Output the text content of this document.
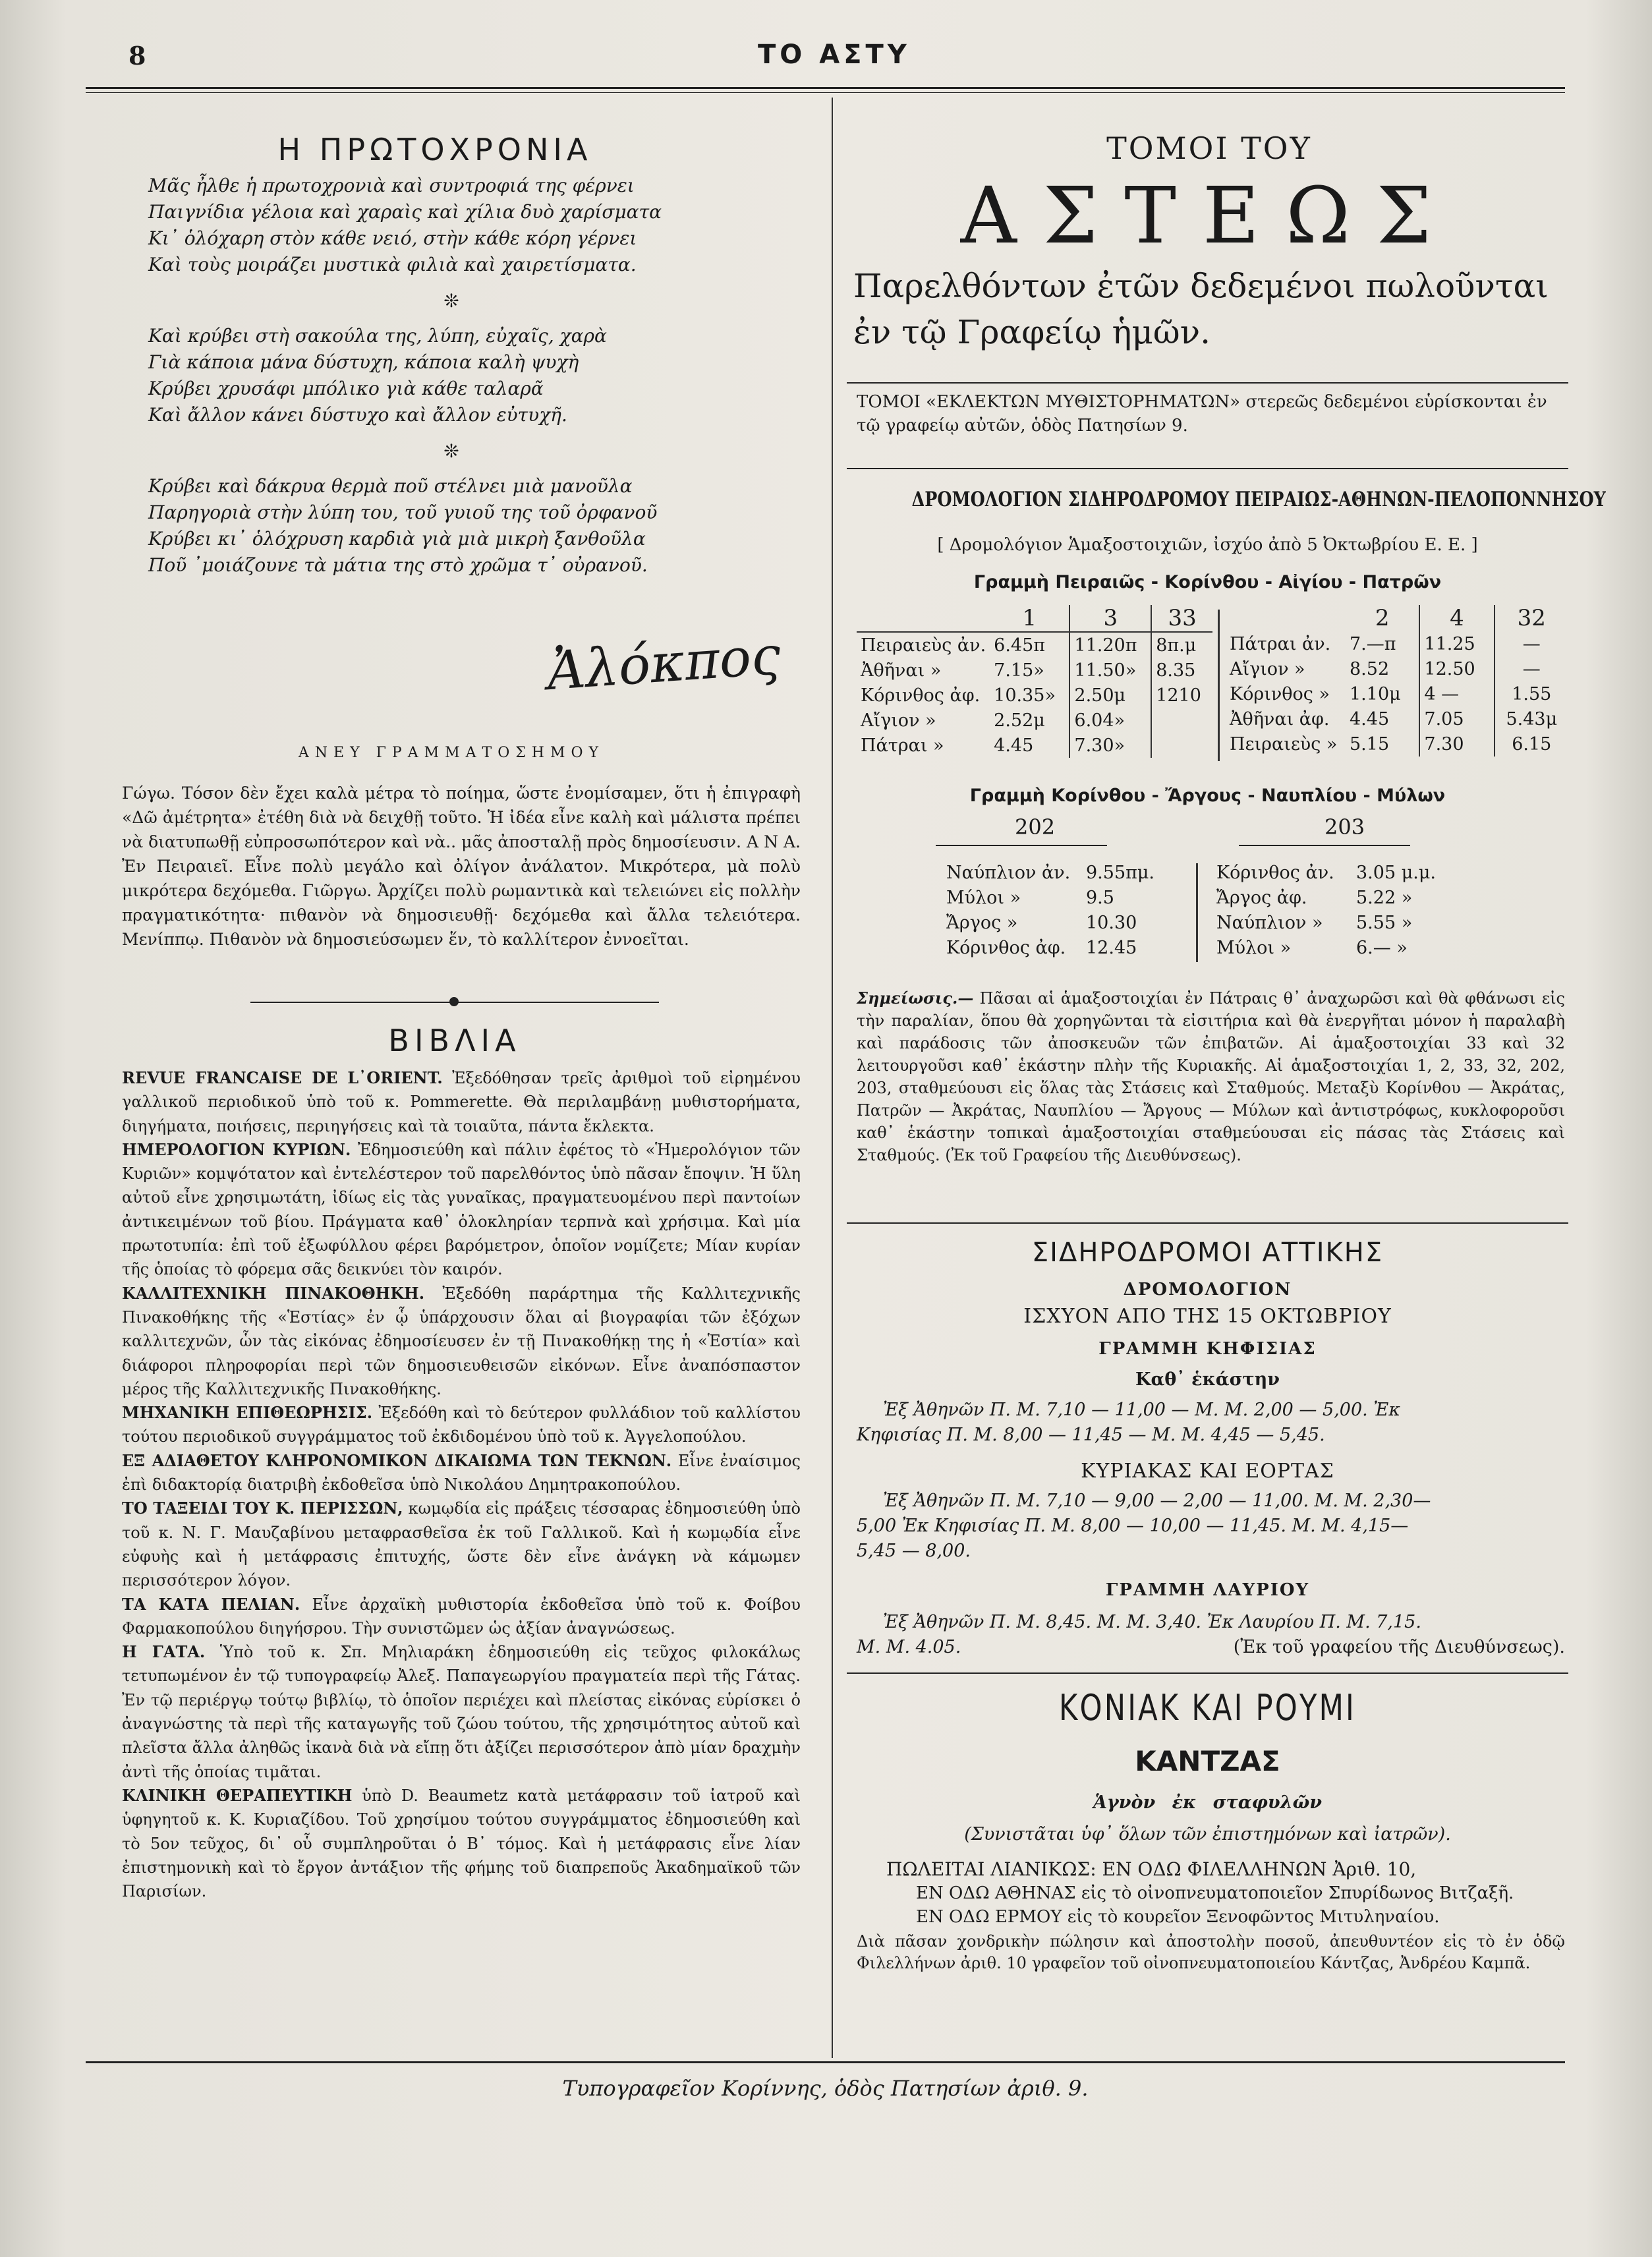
8	ΤΟ ΑΣΤΥ
Η ΠΡΩΤΟΧΡΟΝΙΑ
Μᾶς ἦλθε ἡ πρωτοχρονιὰ καὶ συντροφιά της φέρνει
Παιγνίδια γέλοια καὶ χαραὶς καὶ χίλια δυὸ χαρίσματα
Κι᾽ ὁλόχαρη στὸν κάθε νειό, στὴν κάθε κόρη γέρνει
Καὶ τοὺς μοιράζει μυστικὰ φιλιὰ καὶ χαιρετίσματα.
❊
Καὶ κρύβει στὴ σακούλα της, λύπη, εὐχαῖς, χαρὰ
Γιὰ κάποια μάνα δύστυχη, κάποια καλὴ ψυχὴ
Κρύβει χρυσάφι μπόλικο γιὰ κάθε ταλαρᾶ
Καὶ ἄλλον κάνει δύστυχο καὶ ἄλλον εὐτυχῆ.
❊
Κρύβει καὶ δάκρυα θερμὰ ποῦ στέλνει μιὰ μανοῦλα
Παρηγοριὰ στὴν λύπη του, τοῦ γυιοῦ της τοῦ ὀρφανοῦ
Κρύβει κι᾽ ὁλόχρυση καρδιὰ γιὰ μιὰ μικρὴ ξανθοῦλα
Ποῦ ᾽μοιάζουνε τὰ μάτια της στὸ χρῶμα τ᾽ οὐρανοῦ.
Ἀλόκπος
ΑΝΕΥ ΓΡΑΜΜΑΤΟΣΗΜΟΥ
Γώγω. Τόσον δὲν ἔχει καλὰ μέτρα τὸ ποίημα, ὥστε ἐνομίσαμεν, ὅτι ἡ ἐπιγραφὴ «Δῶ ἀμέτρητα» ἐτέθη διὰ νὰ δειχθῇ τοῦτο. Ἡ ἰδέα εἶνε καλὴ καὶ μάλιστα πρέπει νὰ διατυπωθῇ εὐπροσωπότερον καὶ νὰ.. μᾶς ἀποσταλῇ πρὸς δημοσίευσιν. Α Ν Α. Ἐν Πειραιεῖ. Εἶνε πολὺ μεγάλο καὶ ὀλίγον ἀνάλατον. Μικρότερα, μὰ πολὺ μικρότερα δεχόμεθα. Γιῶργω. Ἀρχίζει πολὺ ρωμαντικὰ καὶ τελειώνει εἰς πολλὴν πραγματικότητα· πιθανὸν νὰ δημοσιευθῇ· δεχόμεθα καὶ ἄλλα τελειότερα. Μενίππῳ. Πιθανὸν νὰ δημοσιεύσωμεν ἕν, τὸ καλλίτερον ἐννοεῖται.
ΒΙΒΛΙΑ

REVUE FRANCAISE DE L᾽ORIENT. Ἐξεδόθησαν τρεῖς ἀριθμοὶ τοῦ εἰρημένου γαλλικοῦ περιοδικοῦ ὑπὸ τοῦ κ. Pommerette. Θὰ περιλαμβάνῃ μυθιστορήματα, διηγήματα, ποιήσεις, περιηγήσεις καὶ τὰ τοιαῦτα, πάντα ἔκλεκτα.

ΗΜΕΡΟΛΟΓΙΟΝ ΚΥΡΙΩΝ. Ἐδημοσιεύθη καὶ πάλιν ἐφέτος τὸ «Ἡμερολόγιον τῶν Κυριῶν» κομψότατον καὶ ἐντελέστερον τοῦ παρελθόντος ὑπὸ πᾶσαν ἔποψιν. Ἡ ὕλη αὐτοῦ εἶνε χρησιμωτάτη, ἰδίως εἰς τὰς γυναῖκας, πραγματευομένου περὶ παντοίων ἀντικειμένων τοῦ βίου. Πράγματα καθ᾽ ὁλοκληρίαν τερπνὰ καὶ χρήσιμα. Καὶ μία πρωτοτυπία: ἐπὶ τοῦ ἐξωφύλλου φέρει βαρόμετρον, ὁποῖον νομίζετε; Μίαν κυρίαν τῆς ὁποίας τὸ φόρεμα σᾶς δεικνύει τὸν καιρόν.

ΚΑΛΛΙΤΕΧΝΙΚΗ ΠΙΝΑΚΟΘΗΚΗ. Ἐξεδόθη παράρτημα τῆς Καλλιτεχνικῆς Πινακοθήκης τῆς «Ἑστίας» ἐν ᾧ ὑπάρχουσιν ὅλαι αἱ βιογραφίαι τῶν ἐξόχων καλλιτεχνῶν, ὧν τὰς εἰκόνας ἐδημοσίευσεν ἐν τῇ Πινακοθήκῃ της ἡ «Ἑστία» καὶ διάφοροι πληροφορίαι περὶ τῶν δημοσιευθεισῶν εἰκόνων. Εἶνε ἀναπόσπαστον μέρος τῆς Καλλιτεχνικῆς Πινακοθήκης.

ΜΗΧΑΝΙΚΗ ΕΠΙΘΕΩΡΗΣΙΣ. Ἐξεδόθη καὶ τὸ δεύτερον φυλλάδιον τοῦ καλλίστου τούτου περιοδικοῦ συγγράμματος τοῦ ἐκδιδομένου ὑπὸ τοῦ κ. Ἀγγελοπούλου.

ΕΞ ΑΔΙΑΘΕΤΟΥ ΚΛΗΡΟΝΟΜΙΚΟΝ ΔΙΚΑΙΩΜΑ ΤΩΝ ΤΕΚΝΩΝ. Εἶνε ἐναίσιμος ἐπὶ διδακτορίᾳ διατριβὴ ἐκδοθεῖσα ὑπὸ Νικολάου Δημητρακοπούλου.

ΤΟ ΤΑΞΕΙΔΙ ΤΟΥ Κ. ΠΕΡΙΣΣΩΝ, κωμῳδία εἰς πράξεις τέσσαρας ἐδημοσιεύθη ὑπὸ τοῦ κ. Ν. Γ. Μαυζαβίνου μεταφρασθεῖσα ἐκ τοῦ Γαλλικοῦ. Καὶ ἡ κωμῳδία εἶνε εὐφυὴς καὶ ἡ μετάφρασις ἐπιτυχής, ὥστε δὲν εἶνε ἀνάγκη νὰ κάμωμεν περισσότερον λόγον.

ΤΑ ΚΑΤΑ ΠΕΛΙΑΝ. Εἶνε ἀρχαϊκὴ μυθιστορία ἐκδοθεῖσα ὑπὸ τοῦ κ. Φοίβου Φαρμακοπούλου διηγήσρου. Τὴν συνιστῶμεν ὡς ἀξίαν ἀναγνώσεως.

Η ΓΑΤΑ. Ὑπὸ τοῦ κ. Σπ. Μηλιαράκη ἐδημοσιεύθη εἰς τεῦχος φιλοκάλως τετυπωμένον ἐν τῷ τυπογραφείῳ Ἀλεξ. Παπαγεωργίου πραγματεία περὶ τῆς Γάτας. Ἐν τῷ περιέργῳ τούτῳ βιβλίῳ, τὸ ὁποῖον περιέχει καὶ πλείστας εἰκόνας εὑρίσκει ὁ ἀναγνώστης τὰ περὶ τῆς καταγωγῆς τοῦ ζώου τούτου, τῆς χρησιμότητος αὐτοῦ καὶ πλεῖστα ἄλλα ἀληθῶς ἱκανὰ διὰ νὰ εἴπῃ ὅτι ἀξίζει περισσότερον ἀπὸ μίαν δραχμὴν ἀντὶ τῆς ὁποίας τιμᾶται.

ΚΛΙΝΙΚΗ ΘΕΡΑΠΕΥΤΙΚΗ ὑπὸ D. Beaumetz κατὰ μετάφρασιν τοῦ ἰατροῦ καὶ ὑφηγητοῦ κ. Κ. Κυριαζίδου. Τοῦ χρησίμου τούτου συγγράμματος ἐδημοσιεύθη καὶ τὸ 5ον τεῦχος, δι᾽ οὗ συμπληροῦται ὁ Β᾽ τόμος. Καὶ ἡ μετάφρασις εἶνε λίαν ἐπιστημονικὴ καὶ τὸ ἔργον ἀντάξιον τῆς φήμης τοῦ διαπρεποῦς Ἀκαδημαϊκοῦ τῶν Παρισίων.

ΤΟΜΟΙ ΤΟΥ
ΑΣΤΕΩΣ
Παρελθόντων ἐτῶν δεδεμένοι πωλοῦνται
ἐν τῷ Γραφείῳ ἡμῶν.
ΤΟΜΟΙ «ΕΚΛΕΚΤΩΝ ΜΥΘΙΣΤΟΡΗΜΑΤΩΝ» στερεῶς δεδεμένοι εὑρίσκονται ἐν τῷ γραφείῳ αὐτῶν, ὁδὸς Πατησίων 9.
ΔΡΟΜΟΛΟΓΙΟΝ ΣΙΔΗΡΟΔΡΟΜΟΥ ΠΕΙΡΑΙΩΣ-ΑΘΗΝΩΝ-ΠΕΛΟΠΟΝΝΗΣΟΥ
[ Δρομολόγιον Ἁμαξοστοιχιῶν, ἰσχύο ἀπὸ 5 Ὀκτωβρίου Ε. Ε. ]
Γραμμὴ Πειραιῶς - Κορίνθου - Αἰγίου - Πατρῶν
	1	3	33
Πειραιεὺς ἀν.	6.45π	11.20π	8π.μ
Ἀθῆναι »	7.15»	11.50»	8.35
Κόρινθος ἀφ.	10.35»	2.50μ	1210
Αἴγιον »	2.52μ	6.04»	
Πάτραι »	4.45	7.30»	
	2	4	32
Πάτραι ἀν.	7.—π	11.25	—
Αἴγιον »	8.52	12.50	—
Κόρινθος »	1.10μ	4 —	1.55
Ἀθῆναι ἀφ.	4.45	7.05	5.43μ
Πειραιεὺς »	5.15	7.30	6.15
Γραμμὴ Κορίνθου - Ἄργους - Ναυπλίου - Μύλων
202	203
Ναύπλιον ἀν.	9.55πμ.
Μύλοι »	9.5
Ἄργος »	10.30
Κόρινθος ἀφ.	12.45
Κόρινθος ἀν.	3.05 μ.μ.
Ἄργος ἀφ.	5.22 »
Ναύπλιον »	5.55 »
Μύλοι »	6.— »
Σημείωσις.— Πᾶσαι αἱ ἁμαξοστοιχίαι ἐν Πάτραις θ᾽ ἀναχωρῶσι καὶ θὰ φθάνωσι εἰς τὴν παραλίαν, ὅπου θὰ χορηγῶνται τὰ εἰσιτήρια καὶ θὰ ἐνεργῆται μόνον ἡ παραλαβὴ καὶ παράδοσις τῶν ἀποσκευῶν τῶν ἐπιβατῶν. Αἱ ἁμαξοστοιχίαι 33 καὶ 32 λειτουργοῦσι καθ᾽ ἑκάστην πλὴν τῆς Κυριακῆς. Αἱ ἁμαξοστοιχίαι 1, 2, 33, 32, 202, 203, σταθμεύουσι εἰς ὅλας τὰς Στάσεις καὶ Σταθμούς. Μεταξὺ Κορίνθου — Ἀκράτας, Πατρῶν — Ἀκράτας, Ναυπλίου — Ἄργους — Μύλων καὶ ἀντιστρόφως, κυκλοφοροῦσι καθ᾽ ἑκάστην τοπικαὶ ἁμαξοστοιχίαι σταθμεύουσαι εἰς πάσας τὰς Στάσεις καὶ Σταθμούς. (Ἐκ τοῦ Γραφείου τῆς Διευθύνσεως).
ΣΙΔΗΡΟΔΡΟΜΟΙ ΑΤΤΙΚΗΣ
ΔΡΟΜΟΛΟΓΙΟΝ
ΙΣΧΥΟΝ ΑΠΟ ΤΗΣ 15 ΟΚΤΩΒΡΙΟΥ
ΓΡΑΜΜΗ ΚΗΦΙΣΙΑΣ
Καθ᾽ ἑκάστην
Ἐξ Ἀθηνῶν Π. Μ. 7,10 — 11,00 — Μ. Μ. 2,00 — 5,00. Ἐκ
Κηφισίας Π. Μ. 8,00 — 11,45 — Μ. Μ. 4,45 — 5,45.
ΚΥΡΙΑΚΑΣ ΚΑΙ ΕΟΡΤΑΣ
Ἐξ Ἀθηνῶν Π. Μ. 7,10 — 9,00 — 2,00 — 11,00. Μ. Μ. 2,30—
5,00 Ἐκ Κηφισίας Π. Μ. 8,00 — 10,00 — 11,45. Μ. Μ. 4,15—
5,45 — 8,00.
ΓΡΑΜΜΗ ΛΑΥΡΙΟΥ
Ἐξ Ἀθηνῶν Π. Μ. 8,45. Μ. Μ. 3,40. Ἐκ Λαυρίου Π. Μ. 7,15.
Μ. Μ. 4.05.	(Ἐκ τοῦ γραφείου τῆς Διευθύνσεως).
ΚΟΝΙΑΚ ΚΑΙ ΡΟΥΜΙ
ΚΑΝΤΖΑΣ
Ἁγνὸν ἐκ σταφυλῶν
(Συνιστᾶται ὑφ᾽ ὅλων τῶν ἐπιστημόνων καὶ ἰατρῶν).
ΠΩΛΕΙΤΑΙ ΛΙΑΝΙΚΩΣ: ΕΝ ΟΔΩ ΦΙΛΕΛΛΗΝΩΝ Ἀριθ. 10,
ΕΝ ΟΔΩ ΑΘΗΝΑΣ εἰς τὸ οἰνοπνευματοποιεῖον Σπυρίδωνος Βιτζαξῆ.
ΕΝ ΟΔΩ ΕΡΜΟΥ εἰς τὸ κουρεῖον Ξενοφῶντος Μιτυληναίου.
Διὰ πᾶσαν χονδρικὴν πώλησιν καὶ ἀποστολὴν ποσοῦ, ἀπευθυντέον εἰς τὸ ἐν ὁδῷ Φιλελλήνων ἀριθ. 10 γραφεῖον τοῦ οἰνοπνευματοποιείου Κάντζας, Ἀνδρέου Καμπᾶ.
Τυπογραφεῖον Κορίννης, ὁδὸς Πατησίων ἀριθ. 9.
